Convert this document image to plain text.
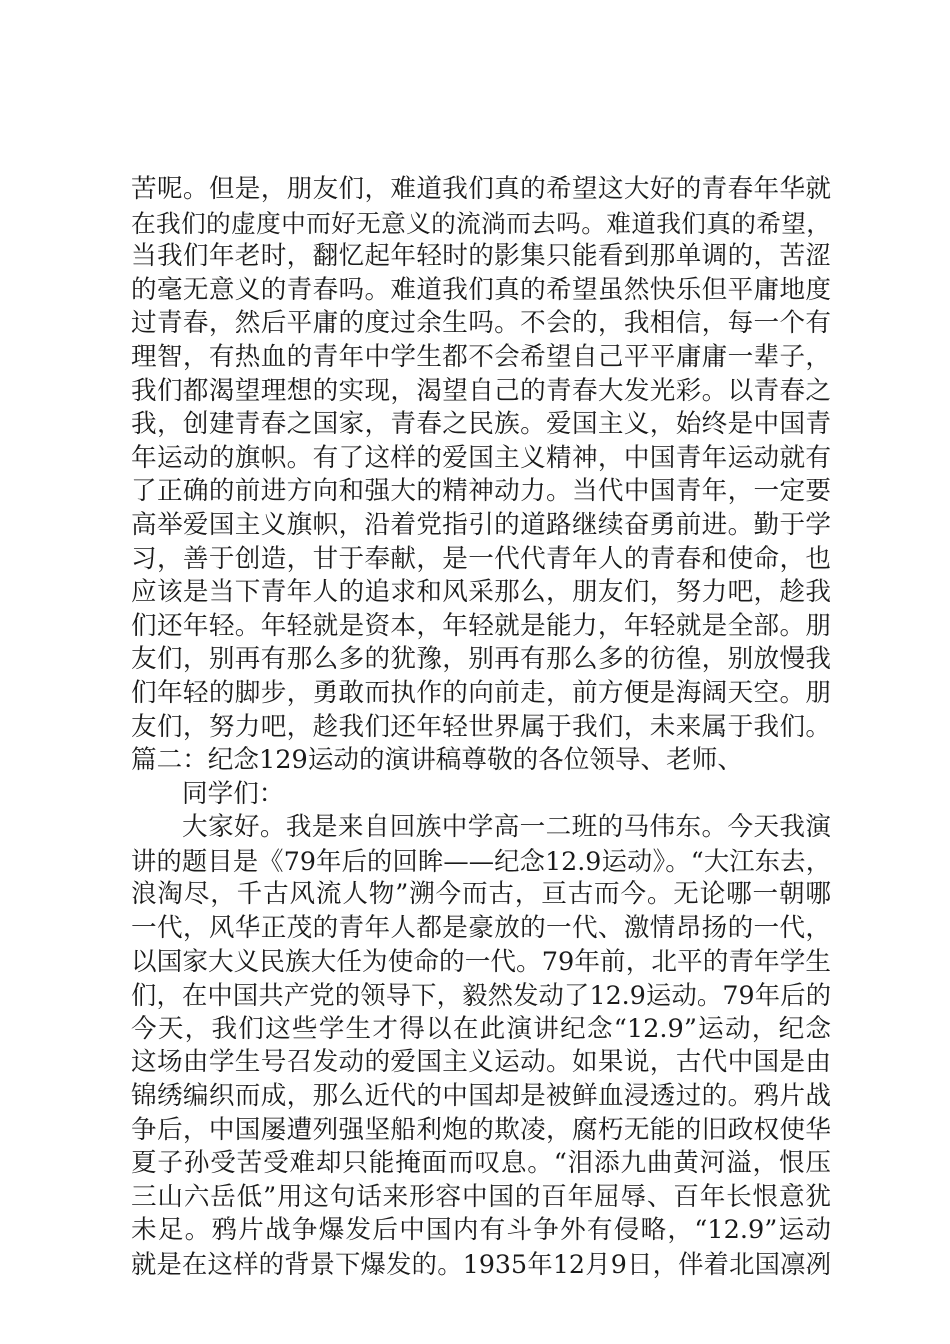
苦呢。但是，朋友们，难道我们真的希望这大好的青春年华就
在我们的虚度中而好无意义的流淌而去吗。难道我们真的希望，
当我们年老时，翻忆起年轻时的影集只能看到那单调的，苦涩
的毫无意义的青春吗。难道我们真的希望虽然快乐但平庸地度
过青春，然后平庸的度过余生吗。不会的，我相信，每一个有
理智，有热血的青年中学生都不会希望自己平平庸庸一辈子，
我们都渴望理想的实现，渴望自己的青春大发光彩。以青春之
我，创建青春之国家，青春之民族。爱国主义，始终是中国青
年运动的旗帜。有了这样的爱国主义精神，中国青年运动就有
了正确的前进方向和强大的精神动力。当代中国青年，一定要
高举爱国主义旗帜，沿着党指引的道路继续奋勇前进。勤于学
习，善于创造，甘于奉献，是一代代青年人的青春和使命，也
应该是当下青年人的追求和风采那么，朋友们，努力吧，趁我
们还年轻。年轻就是资本，年轻就是能力，年轻就是全部。朋
友们，别再有那么多的犹豫，别再有那么多的彷徨，别放慢我
们年轻的脚步，勇敢而执作的向前走，前方便是海阔天空。朋
友们，努力吧，趁我们还年轻世界属于我们，未来属于我们。
篇二：纪念129运动的演讲稿尊敬的各位领导、老师、
同学们：
大家好。我是来自回族中学高一二班的马伟东。今天我演
讲的题目是《79年后的回眸——纪念12.9运动》。“大江东去，
浪淘尽，千古风流人物”溯今而古，亘古而今。无论哪一朝哪
一代，风华正茂的青年人都是豪放的一代、激情昂扬的一代，
以国家大义民族大任为使命的一代。79年前，北平的青年学生
们，在中国共产党的领导下，毅然发动了12.9运动。79年后的
今天，我们这些学生才得以在此演讲纪念“12.9”运动，纪念
这场由学生号召发动的爱国主义运动。如果说，古代中国是由
锦绣编织而成，那么近代的中国却是被鲜血浸透过的。鸦片战
争后，中国屡遭列强坚船利炮的欺凌，腐朽无能的旧政权使华
夏子孙受苦受难却只能掩面而叹息。“泪添九曲黄河溢，恨压
三山六岳低”用这句话来形容中国的百年屈辱、百年长恨意犹
未足。鸦片战争爆发后中国内有斗争外有侵略，“12.9”运动
就是在这样的背景下爆发的。1935年12月9日，伴着北国凛冽
